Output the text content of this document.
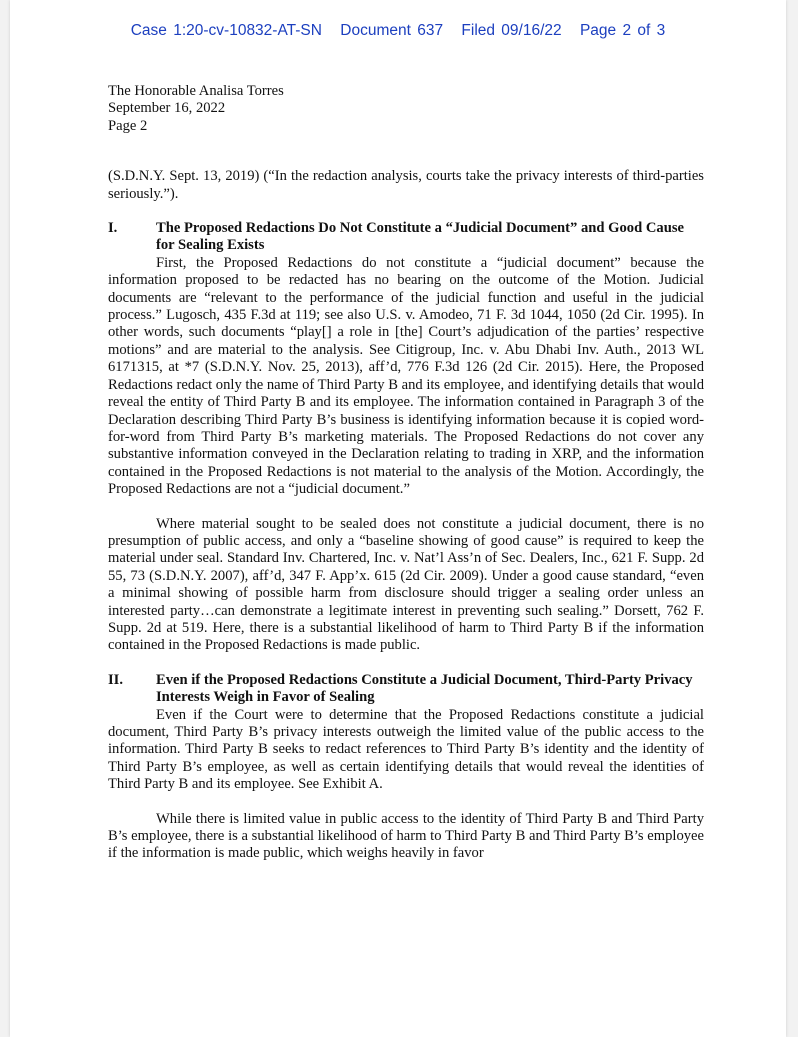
Case 1:20-cv-10832-AT-SN Document 637 Filed 09/16/22 Page 2 of 3
The Honorable Analisa Torres
September 16, 2022
Page 2

(S.D.N.Y. Sept. 13, 2019) (“In the redaction analysis, courts take the privacy interests of third-parties seriously.”).

I.	The Proposed Redactions Do Not Constitute a “Judicial Document” and Good Cause for Sealing Exists

First, the Proposed Redactions do not constitute a “judicial document” because the information proposed to be redacted has no bearing on the outcome of the Motion. Judicial documents are “relevant to the performance of the judicial function and useful in the judicial process.” Lugosch, 435 F.3d at 119; see also U.S. v. Amodeo, 71 F. 3d 1044, 1050 (2d Cir. 1995). In other words, such documents “play[] a role in [the] Court’s adjudication of the parties’ respective motions” and are material to the analysis. See Citigroup, Inc. v. Abu Dhabi Inv. Auth., 2013 WL 6171315, at *7 (S.D.N.Y. Nov. 25, 2013), aff’d, 776 F.3d 126 (2d Cir. 2015). Here, the Proposed Redactions redact only the name of Third Party B and its employee, and identifying details that would reveal the entity of Third Party B and its employee. The information contained in Paragraph 3 of the Declaration describing Third Party B’s business is identifying information because it is copied word-for-word from Third Party B’s marketing materials. The Proposed Redactions do not cover any substantive information conveyed in the Declaration relating to trading in XRP, and the information contained in the Proposed Redactions is not material to the analysis of the Motion. Accordingly, the Proposed Redactions are not a “judicial document.”

Where material sought to be sealed does not constitute a judicial document, there is no presumption of public access, and only a “baseline showing of good cause” is required to keep the material under seal. Standard Inv. Chartered, Inc. v. Nat’l Ass’n of Sec. Dealers, Inc., 621 F. Supp. 2d 55, 73 (S.D.N.Y. 2007), aff’d, 347 F. App’x. 615 (2d Cir. 2009). Under a good cause standard, “even a minimal showing of possible harm from disclosure should trigger a sealing order unless an interested party…can demonstrate a legitimate interest in preventing such sealing.” Dorsett, 762 F. Supp. 2d at 519. Here, there is a substantial likelihood of harm to Third Party B if the information contained in the Proposed Redactions is made public.

II.	Even if the Proposed Redactions Constitute a Judicial Document, Third-Party Privacy Interests Weigh in Favor of Sealing

Even if the Court were to determine that the Proposed Redactions constitute a judicial document, Third Party B’s privacy interests outweigh the limited value of the public access to the information. Third Party B seeks to redact references to Third Party B’s identity and the identity of Third Party B’s employee, as well as certain identifying details that would reveal the identities of Third Party B and its employee. See Exhibit A.

While there is limited value in public access to the identity of Third Party B and Third Party B’s employee, there is a substantial likelihood of harm to Third Party B and Third Party B’s employee if the information is made public, which weighs heavily in favor
